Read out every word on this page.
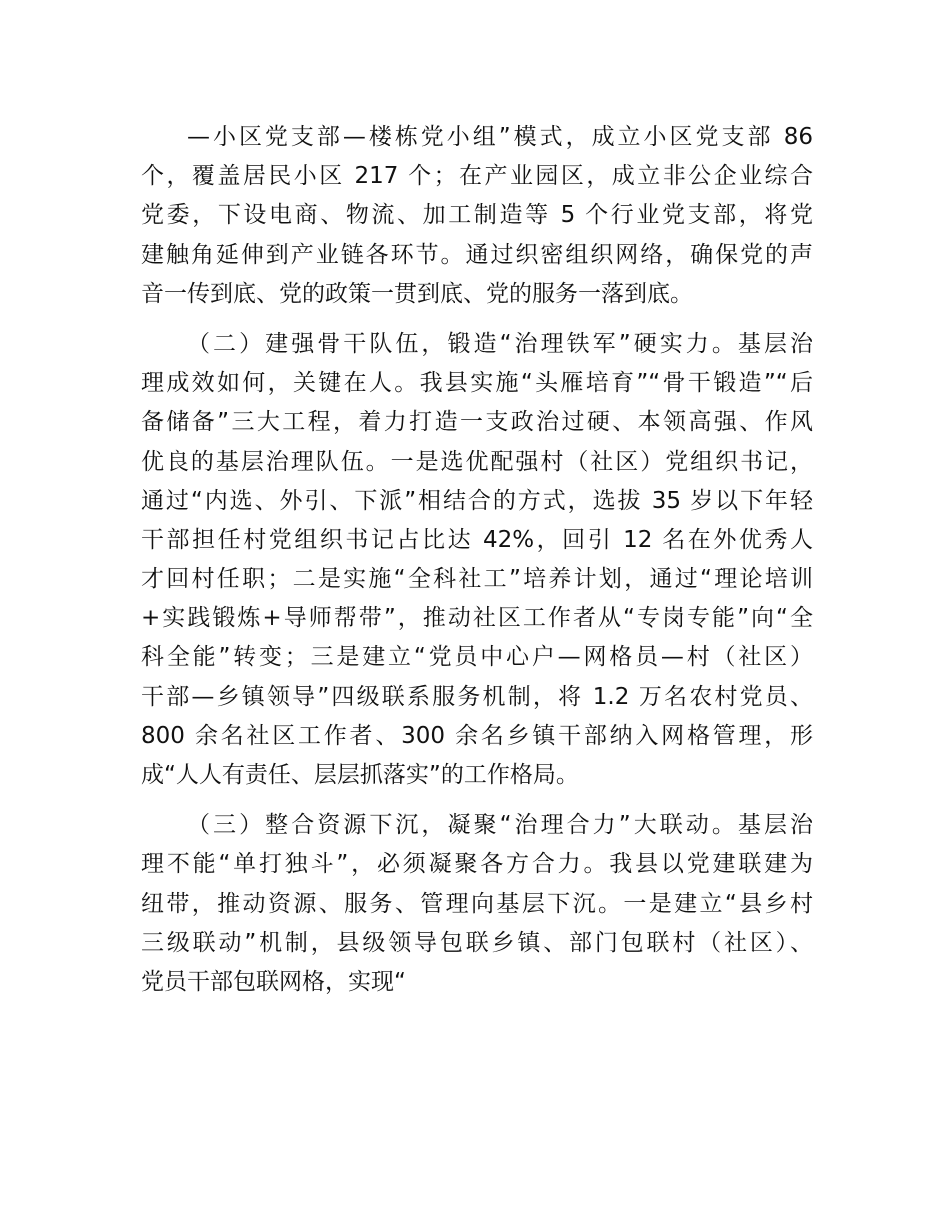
—小区党支部—楼栋党小组”模式，成立小区党支部 86
个，覆盖居民小区 217 个；在产业园区，成立非公企业综合
党委，下设电商、物流、加工制造等 5 个行业党支部，将党
建触角延伸到产业链各环节。通过织密组织网络，确保党的声
音一传到底、党的政策一贯到底、党的服务一落到底。
（二）建强骨干队伍，锻造“治理铁军”硬实力。基层治
理成效如何，关键在人。我县实施“头雁培育”“骨干锻造”“后
备储备”三大工程，着力打造一支政治过硬、本领高强、作风
优良的基层治理队伍。一是选优配强村（社区）党组织书记，
通过“内选、外引、下派”相结合的方式，选拔 35 岁以下年轻
干部担任村党组织书记占比达 42%，回引 12 名在外优秀人
才回村任职；二是实施“全科社工”培养计划，通过“理论培训
+实践锻炼+导师帮带”，推动社区工作者从“专岗专能”向“全
科全能”转变；三是建立“党员中心户—网格员—村（社区）
干部—乡镇领导”四级联系服务机制，将 1.2 万名农村党员、
800 余名社区工作者、300 余名乡镇干部纳入网格管理，形
成“人人有责任、层层抓落实”的工作格局。
（三）整合资源下沉，凝聚“治理合力”大联动。基层治
理不能“单打独斗”，必须凝聚各方合力。我县以党建联建为
纽带，推动资源、服务、管理向基层下沉。一是建立“县乡村
三级联动”机制，县级领导包联乡镇、部门包联村（社区）、
党员干部包联网格，实现“
